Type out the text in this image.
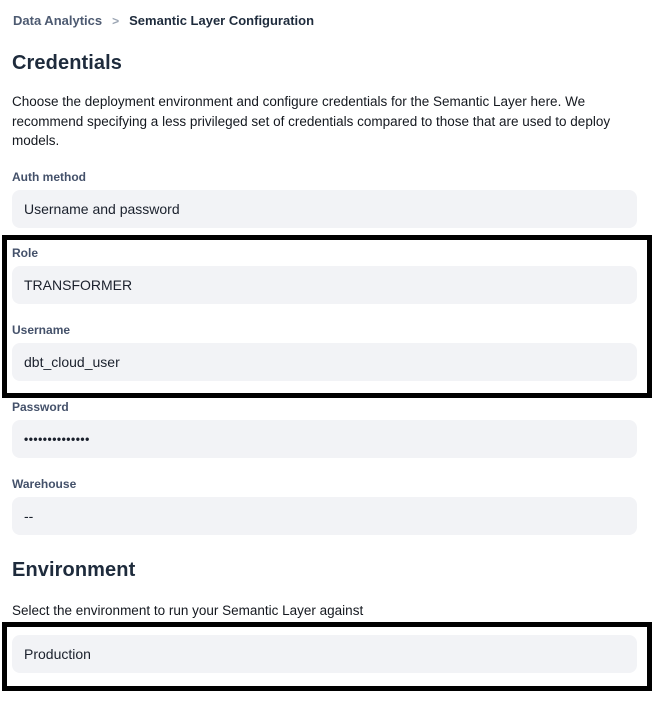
Data Analytics > Semantic Layer Configuration
Credentials

Choose the deployment environment and configure credentials for the Semantic Layer here. We recommend specifying a less privileged set of credentials compared to those that are used to deploy models.

Auth method
Username and password
Role
TRANSFORMER
Username
dbt_cloud_user
Password
••••••••••••••
Warehouse
--
Environment

Select the environment to run your Semantic Layer against

Production
